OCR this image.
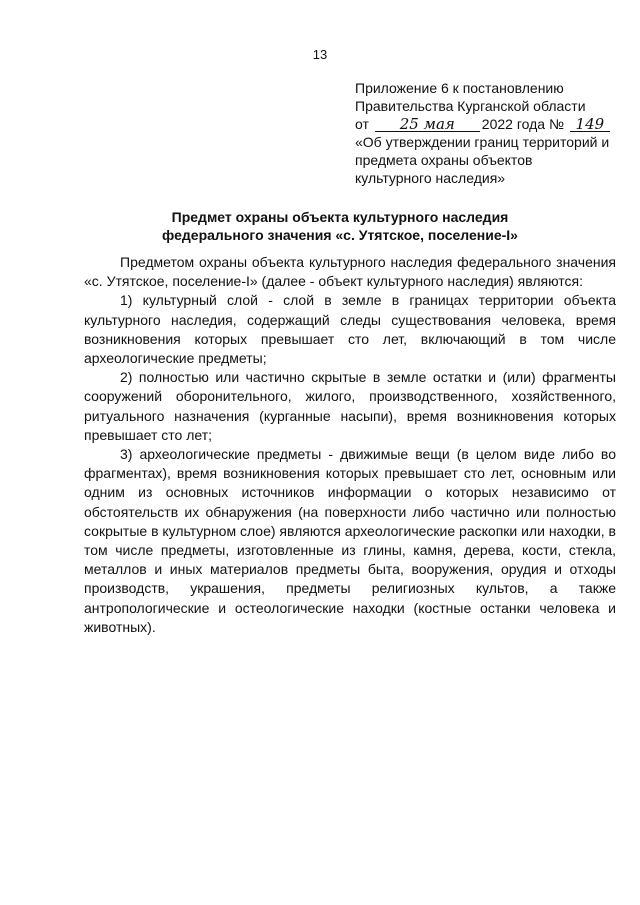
13
Приложение 6 к постановлению
Правительства Курганской области
от 25 мая 2022 года № 149
«Об утверждении границ территорий и
предмета охраны объектов
культурного наследия»
Предмет охраны объекта культурного наследия
федерального значения «с. Утятское, поселение-I»

Предметом охраны объекта культурного наследия федерального значения «с. Утятское, поселение-I» (далее - объект культурного наследия) являются:

1) культурный слой - слой в земле в границах территории объекта культурного наследия, содержащий следы существования человека, время возникновения которых превышает сто лет, включающий в том числе археологические предметы;

2) полностью или частично скрытые в земле остатки и (или) фрагменты сооружений оборонительного, жилого, производственного, хозяйственного, ритуального назначения (курганные насыпи), время возникновения которых превышает сто лет;

3) археологические предметы - движимые вещи (в целом виде либо во фрагментах), время возникновения которых превышает сто лет, основным или одним из основных источников информации о которых независимо от обстоятельств их обнаружения (на поверхности либо частично или полностью сокрытые в культурном слое) являются археологические раскопки или находки, в том числе предметы, изготовленные из глины, камня, дерева, кости, стекла, металлов и иных материалов предметы быта, вооружения, орудия и отходы производств, украшения, предметы религиозных культов, а также антропологические и остеологические находки (костные останки человека и животных).
